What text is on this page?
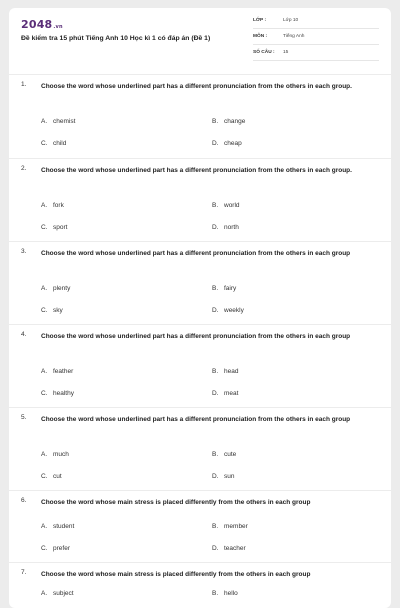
2048.vn
Đề kiểm tra 15 phút Tiếng Anh 10 Học kì 1 có đáp án (Đề 1)
LỚP :	Lớp 10
MÔN :	Tiếng Anh
SỐ CÂU : 15
1. Choose the word whose underlined part has a different pronunciation from the others in each group.
A. chemist	B. change
C. child	D. cheap
2. Choose the word whose underlined part has a different pronunciation from the others in each group.
A. fork	B. world
C. sport	D. north
3. Choose the word whose underlined part has a different pronunciation from the others in each group
A. plenty	B. fairy
C. sky	D. weekly
4. Choose the word whose underlined part has a different pronunciation from the others in each group
A. feather	B. head
C. healthy	D. meat
5. Choose the word whose underlined part has a different pronunciation from the others in each group
A. much	B. cute
C. cut	D. sun
6. Choose the word whose main stress is placed differently from the others in each group
A. student	B. member
C. prefer	D. teacher
7. Choose the word whose main stress is placed differently from the others in each group
A. subject	B. hello
